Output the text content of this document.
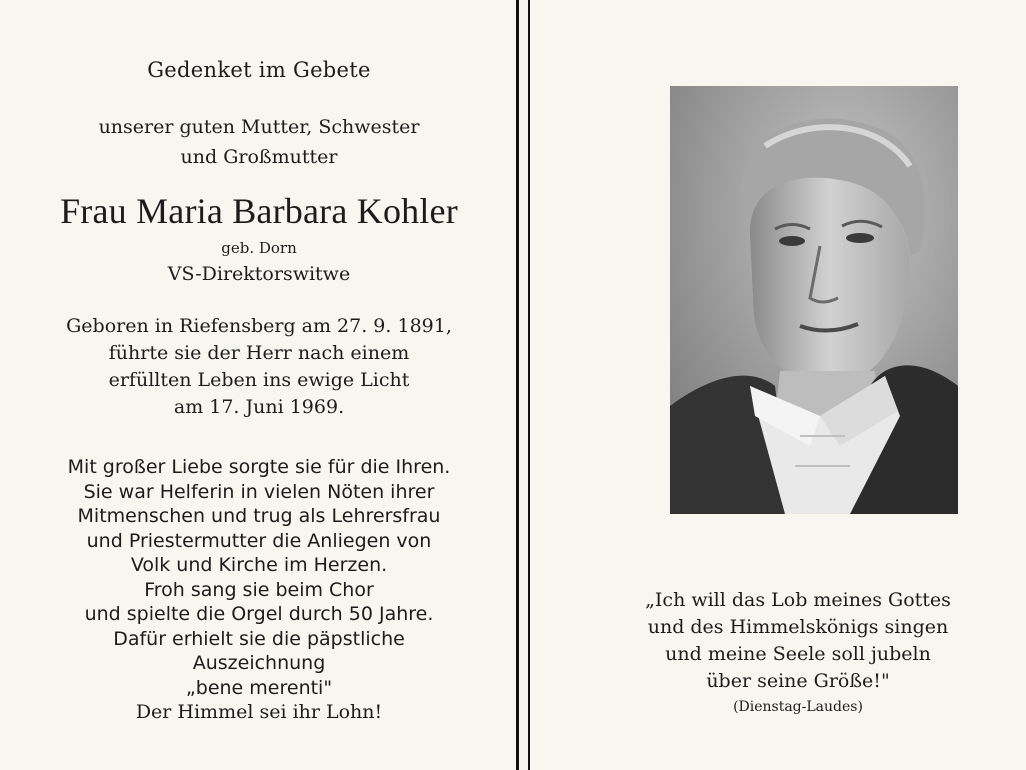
Gedenket im Gebete
unserer guten Mutter, Schwester
und Großmutter
Frau Maria Barbara Kohler
geb. Dorn
VS-Direktorswitwe
Geboren in Riefensberg am 27. 9. 1891,
führte sie der Herr nach einem
erfüllten Leben ins ewige Licht
am 17. Juni 1969.
Mit großer Liebe sorgte sie für die Ihren.
Sie war Helferin in vielen Nöten ihrer
Mitmenschen und trug als Lehrersfrau
und Priestermutter die Anliegen von
Volk und Kirche im Herzen.
Froh sang sie beim Chor
und spielte die Orgel durch 50 Jahre.
Dafür erhielt sie die päpstliche
Auszeichnung
„bene merenti"
Der Himmel sei ihr Lohn!
„Ich will das Lob meines Gottes
und des Himmelskönigs singen
und meine Seele soll jubeln
über seine Größe!"
(Dienstag-Laudes)
